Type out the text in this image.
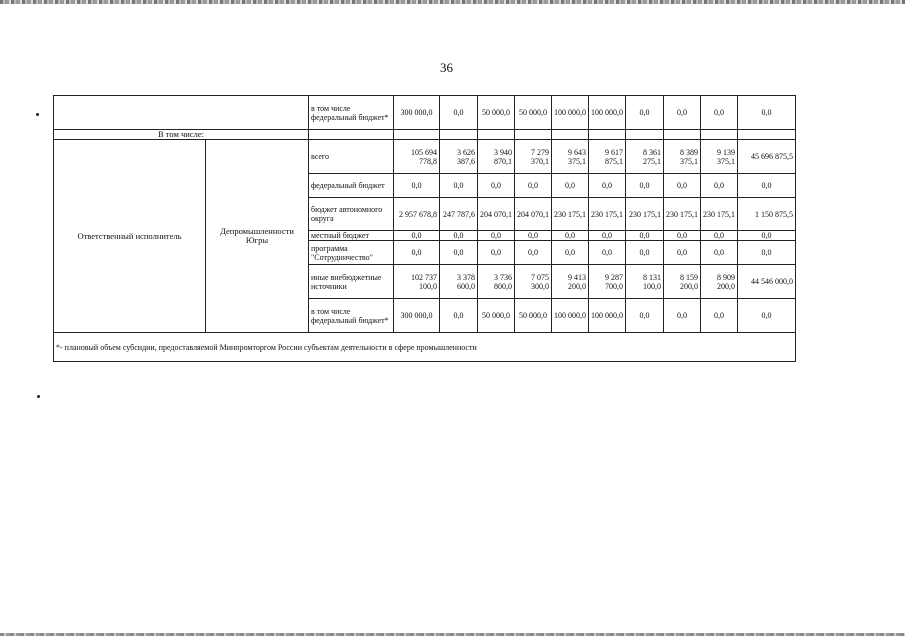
36
		в том числе федеральный бюджет*	300 000,0	0,0	50 000,0	50 000,0	100 000,0	100 000,0	0,0	0,0	0,0	0,0
В том числе:												
Ответственный исполнитель	Депромышленности Югры	всего	105 694 778,8	3 626 387,6	3 940 870,1	7 279 370,1	9 643 375,1	9 617 875,1	8 361 275,1	8 389 375,1	9 139 375,1	45 696 875,5
		федеральный бюджет	0,0	0,0	0,0	0,0	0,0	0,0	0,0	0,0	0,0	0,0
		бюджет автономного округа	2 957 678,8	247 787,6	204 070,1	204 070,1	230 175,1	230 175,1	230 175,1	230 175,1	230 175,1	1 150 875,5
		местный бюджет	0,0	0,0	0,0	0,0	0,0	0,0	0,0	0,0	0,0	0,0
		программа "Сотрудничество"	0,0	0,0	0,0	0,0	0,0	0,0	0,0	0,0	0,0	0,0
		иные внебюджетные источники	102 737 100,0	3 378 600,0	3 736 800,0	7 075 300,0	9 413 200,0	9 287 700,0	8 131 100,0	8 159 200,0	8 909 200,0	44 546 000,0
		в том числе федеральный бюджет*	300 000,0	0,0	50 000,0	50 000,0	100 000,0	100 000,0	0,0	0,0	0,0	0,0
*- плановый объем субсидии, предоставляемой Минпромторгом России субъектам деятельности в сфере промышленности												
